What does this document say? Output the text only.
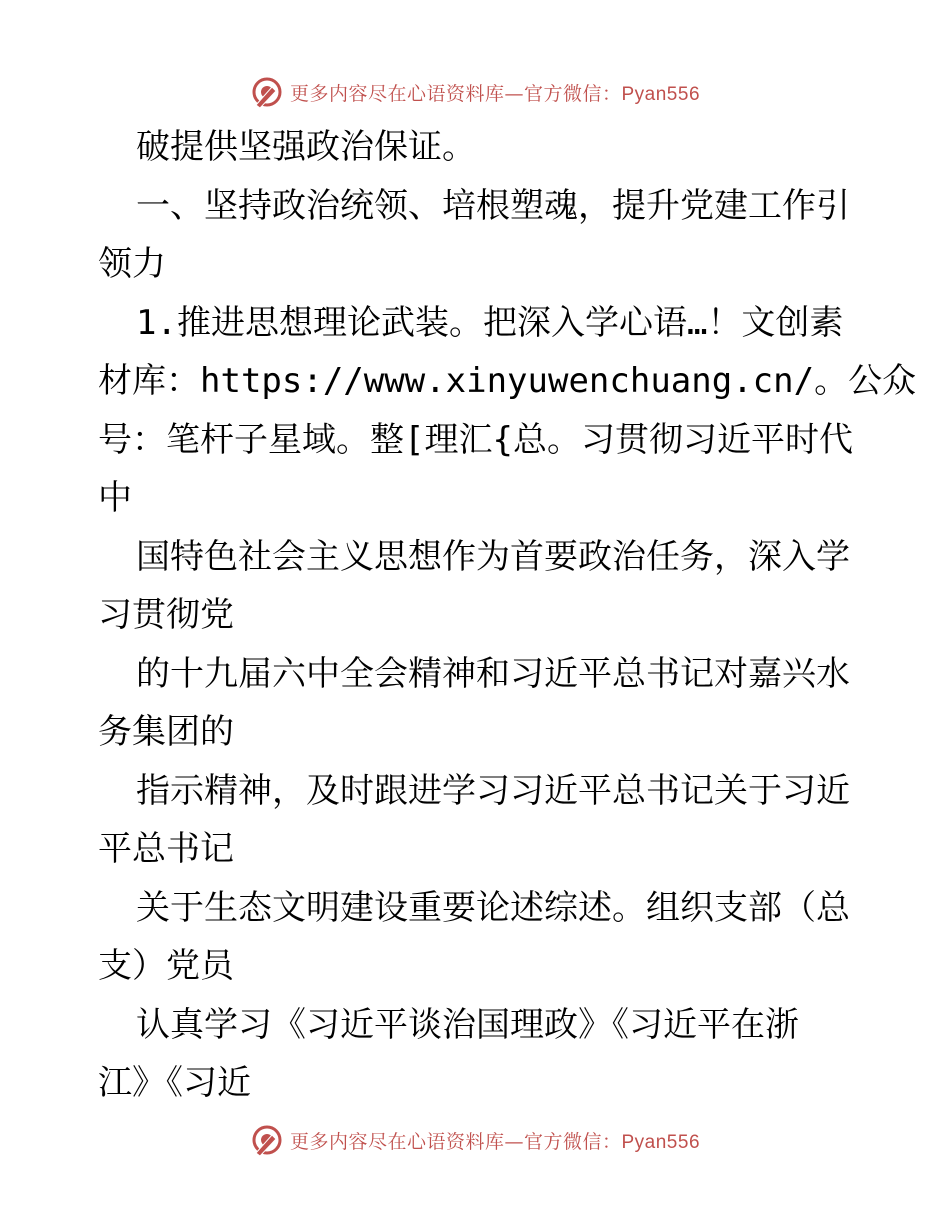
更多内容尽在心语资料库—官方微信：Pyan556

破提供坚强政治保证。

一、坚持政治统领、培根塑魂，提升党建工作引

领力

1.推进思想理论武装。把深入学心语…！文创素

材库：https://www.xinyuwenchuang.cn/。公众

号：笔杆子星域。整[理汇{总。习贯彻习近平时代

中

国特色社会主义思想作为首要政治任务，深入学

习贯彻党

的十九届六中全会精神和习近平总书记对嘉兴水

务集团的

指示精神，及时跟进学习习近平总书记关于习近

平总书记

关于生态文明建设重要论述综述。组织支部（总

支）党员

认真学习《习近平谈治国理政》《习近平在浙

江》《习近

更多内容尽在心语资料库—官方微信：Pyan556
